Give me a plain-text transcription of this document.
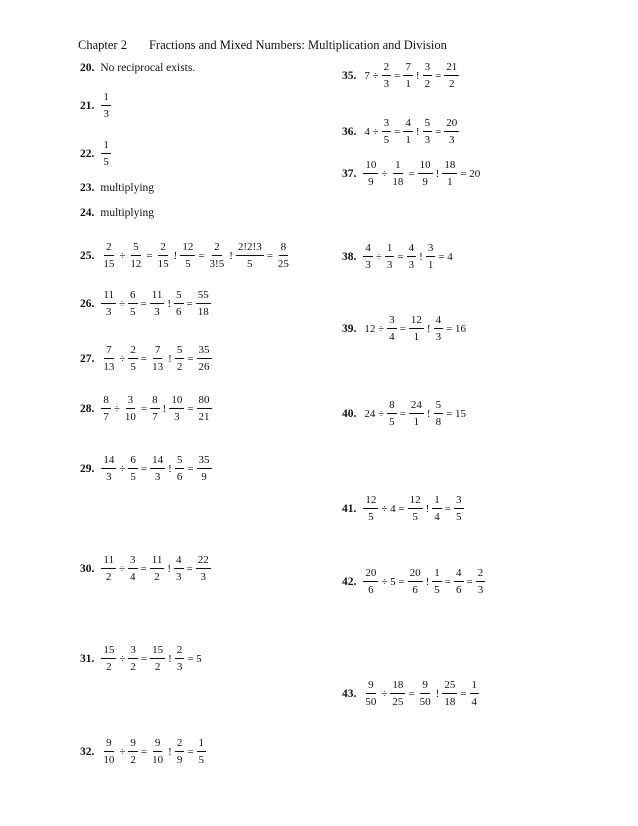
Chapter 2 Fractions and Mixed Numbers: Multiplication and Division
20. No reciprocal exists.
21. $\frac{1}{3}$
22. $\frac{1}{5}$
23. multiplying
24. multiplying
25. $\frac{2}{15} \div \frac{5}{12} = \frac{2}{15}$ ! $\frac{12}{5} = \frac{2}{3!5}$ ! $\frac{2!2!3}{5} = \frac{8}{25}$
26. $\frac{11}{3} \div \frac{6}{5} = \frac{11}{3}$ ! $\frac{5}{6} = \frac{55}{18}$
27. $\frac{7}{13} \div \frac{2}{5} = \frac{7}{13}$ ! $\frac{5}{2} = \frac{35}{26}$
28. $\frac{8}{7} \div \frac{3}{10} = \frac{8}{7}$ ! $\frac{10}{3} = \frac{80}{21}$
29. $\frac{14}{3} \div \frac{6}{5} = \frac{14}{3}$ ! $\frac{5}{6} = \frac{35}{9}$
30. $\frac{11}{2} \div \frac{3}{4} = \frac{11}{2}$ ! $\frac{4}{3} = \frac{22}{3}$
31. $\frac{15}{2} \div \frac{3}{2} = \frac{15}{2}$ ! $\frac{2}{3} = 5$
32. $\frac{9}{10} \div \frac{9}{2} = \frac{9}{10}$ ! $\frac{2}{9} = \frac{1}{5}$
35. $7 \div \frac{2}{3} = \frac{7}{1}$ ! $\frac{3}{2} = \frac{21}{2}$
36. $4 \div \frac{3}{5} = \frac{4}{1}$ ! $\frac{5}{3} = \frac{20}{3}$
37. $\frac{10}{9} \div \frac{1}{18} = \frac{10}{9}$ ! $\frac{18}{1} = 20$
38. $\frac{4}{3} \div \frac{1}{3} = \frac{4}{3}$ ! $\frac{3}{1} = 4$
39. $12 \div \frac{3}{4} = \frac{12}{1}$ ! $\frac{4}{3} = 16$
40. $24 \div \frac{8}{5} = \frac{24}{1}$ ! $\frac{5}{8} = 15$
41. $\frac{12}{5} \div 4 = \frac{12}{5}$ ! $\frac{1}{4} = \frac{3}{5}$
42. $\frac{20}{6} \div 5 = \frac{20}{6}$ ! $\frac{1}{5} = \frac{4}{6} = \frac{2}{3}$
43. $\frac{9}{50} \div \frac{18}{25} = \frac{9}{50}$ ! $\frac{25}{18} = \frac{1}{4}$
